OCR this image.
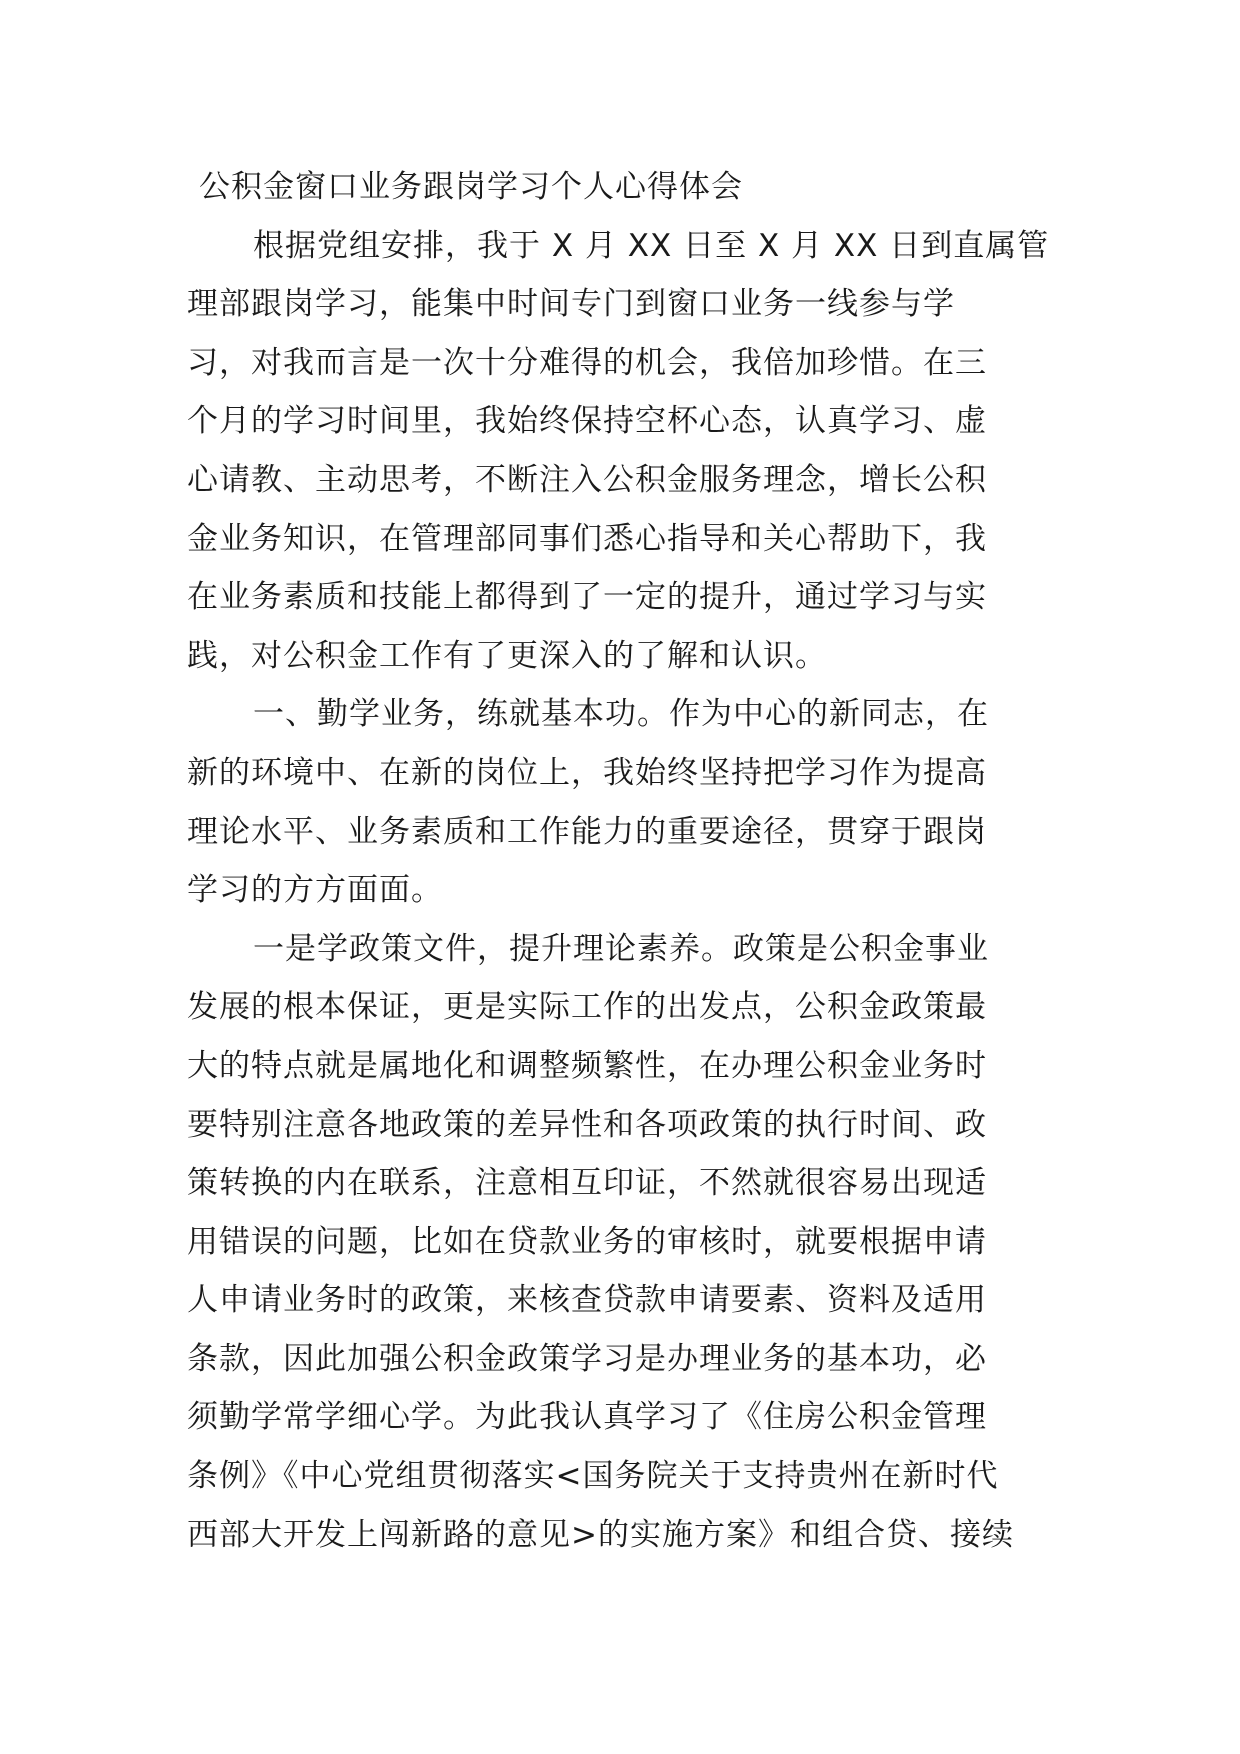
公积金窗口业务跟岗学习个人心得体会

根据党组安排，我于 X 月 XX 日至 X 月 XX 日到直属管
理部跟岗学习，能集中时间专门到窗口业务一线参与学
习，对我而言是一次十分难得的机会，我倍加珍惜。在三
个月的学习时间里，我始终保持空杯心态，认真学习、虚
心请教、主动思考，不断注入公积金服务理念，增长公积
金业务知识，在管理部同事们悉心指导和关心帮助下，我
在业务素质和技能上都得到了一定的提升，通过学习与实
践，对公积金工作有了更深入的了解和认识。

一、勤学业务，练就基本功。作为中心的新同志，在
新的环境中、在新的岗位上，我始终坚持把学习作为提高
理论水平、业务素质和工作能力的重要途径，贯穿于跟岗
学习的方方面面。

一是学政策文件，提升理论素养。政策是公积金事业
发展的根本保证，更是实际工作的出发点，公积金政策最
大的特点就是属地化和调整频繁性，在办理公积金业务时
要特别注意各地政策的差异性和各项政策的执行时间、政
策转换的内在联系，注意相互印证，不然就很容易出现适
用错误的问题，比如在贷款业务的审核时，就要根据申请
人申请业务时的政策，来核查贷款申请要素、资料及适用
条款，因此加强公积金政策学习是办理业务的基本功，必
须勤学常学细心学。为此我认真学习了《住房公积金管理
条例》《中心党组贯彻落实<国务院关于支持贵州在新时代
西部大开发上闯新路的意见>的实施方案》和组合贷、接续
